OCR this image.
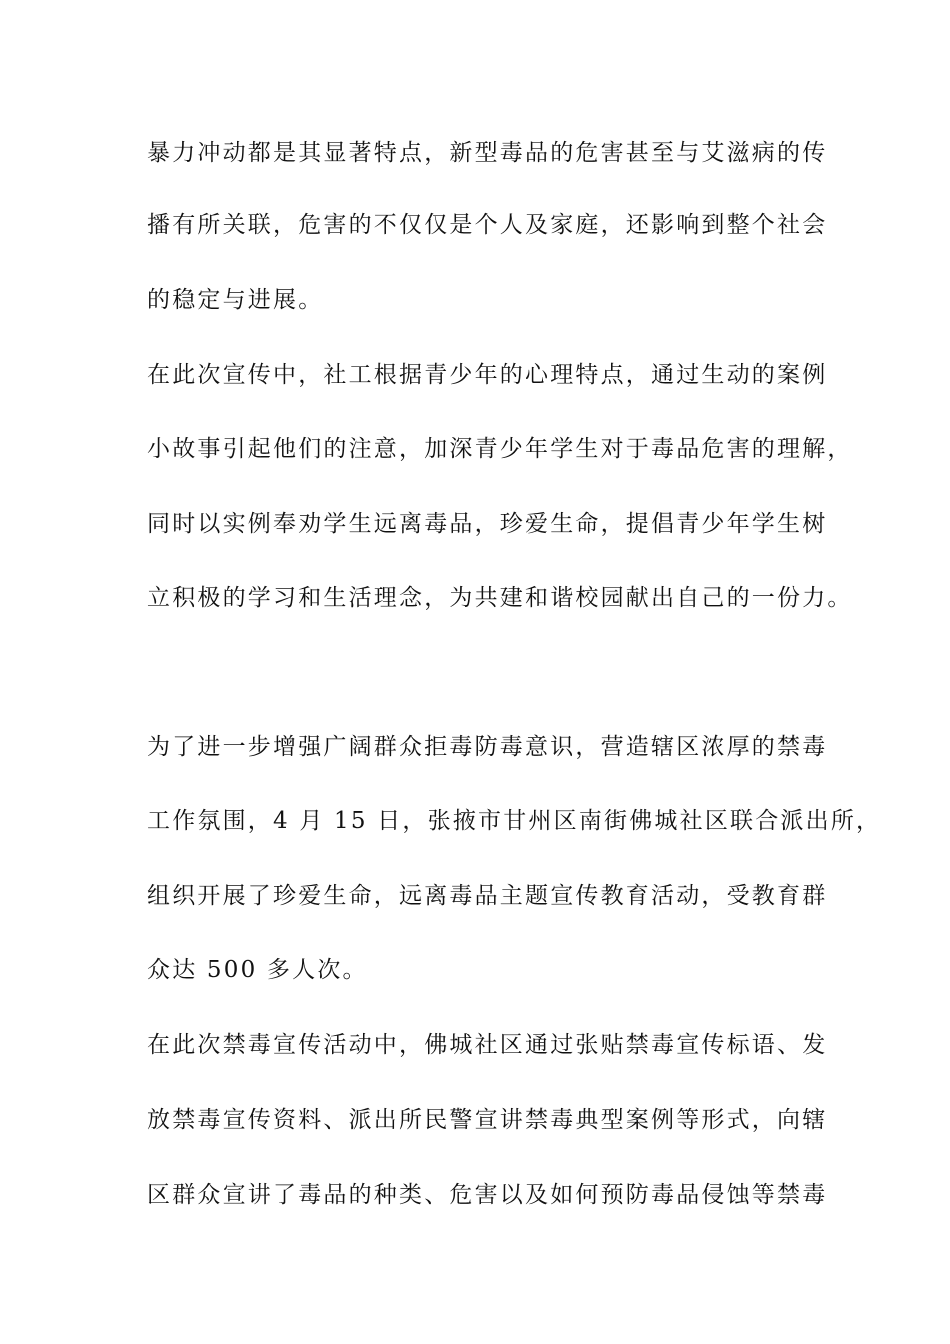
暴力冲动都是其显著特点，新型毒品的危害甚至与艾滋病的传
播有所关联，危害的不仅仅是个人及家庭，还影响到整个社会
的稳定与进展。
在此次宣传中，社工根据青少年的心理特点，通过生动的案例
小故事引起他们的注意，加深青少年学生对于毒品危害的理解，
同时以实例奉劝学生远离毒品，珍爱生命，提倡青少年学生树
立积极的学习和生活理念，为共建和谐校园献出自己的一份力。
为了进一步增强广阔群众拒毒防毒意识，营造辖区浓厚的禁毒
工作氛围，4 月 15 日，张掖市甘州区南街佛城社区联合派出所，
组织开展了珍爱生命，远离毒品主题宣传教育活动，受教育群
众达 500 多人次。
在此次禁毒宣传活动中，佛城社区通过张贴禁毒宣传标语、发
放禁毒宣传资料、派出所民警宣讲禁毒典型案例等形式，向辖
区群众宣讲了毒品的种类、危害以及如何预防毒品侵蚀等禁毒
